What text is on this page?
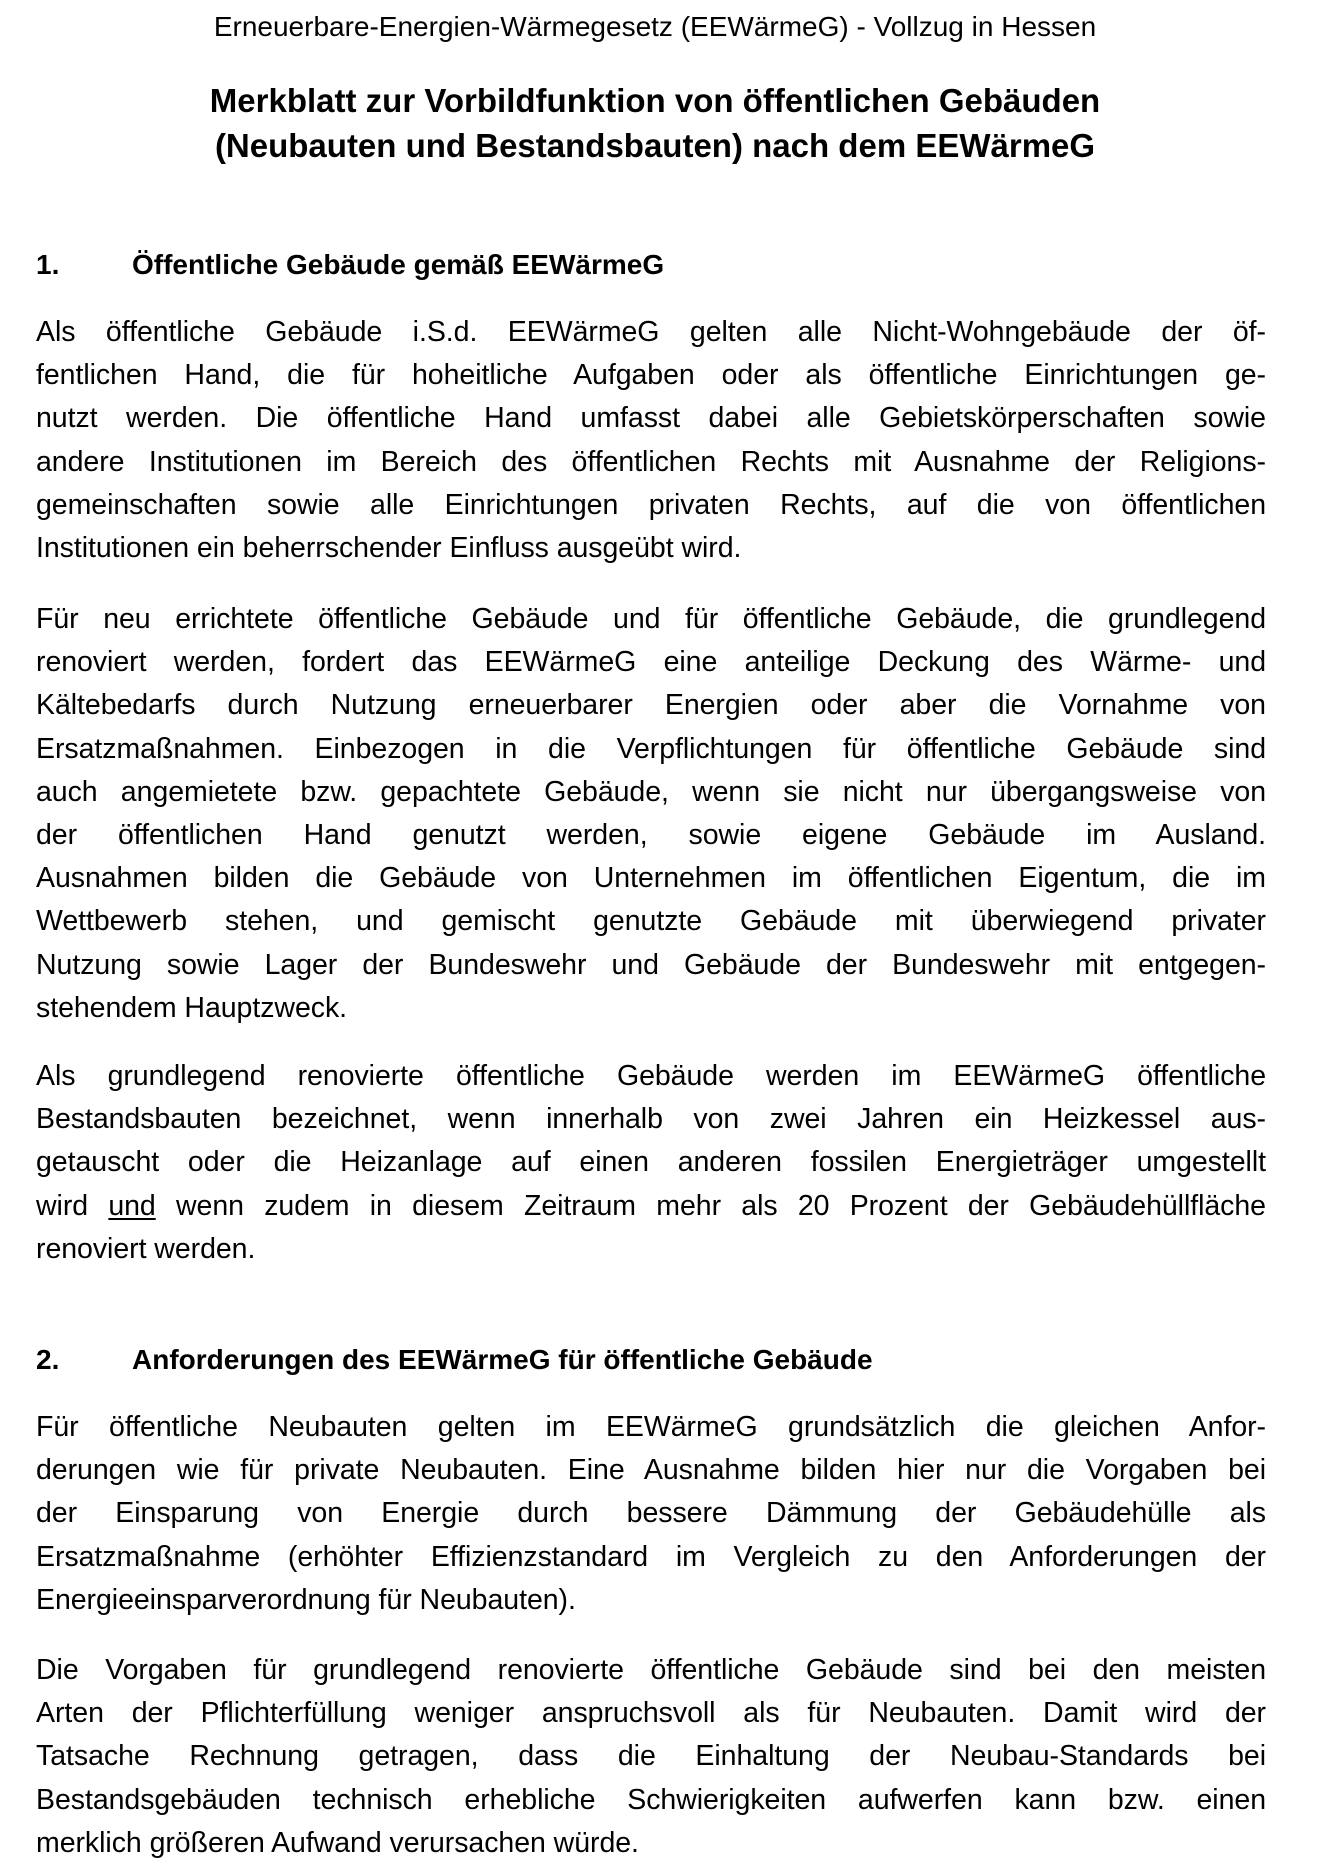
Erneuerbare-Energien-Wärmegesetz (EEWärmeG) - Vollzug in Hessen
Merkblatt zur Vorbildfunktion von öffentlichen Gebäuden
(Neubauten und Bestandsbauten) nach dem EEWärmeG
1.	Öffentliche Gebäude gemäß EEWärmeG
Als öffentliche Gebäude i.S.d. EEWärmeG gelten alle Nicht-Wohngebäude der öf-
fentlichen Hand, die für hoheitliche Aufgaben oder als öffentliche Einrichtungen ge-
nutzt werden. Die öffentliche Hand umfasst dabei alle Gebietskörperschaften sowie
andere Institutionen im Bereich des öffentlichen Rechts mit Ausnahme der Religions-
gemeinschaften sowie alle Einrichtungen privaten Rechts, auf die von öffentlichen
Institutionen ein beherrschender Einfluss ausgeübt wird.
Für neu errichtete öffentliche Gebäude und für öffentliche Gebäude, die grundlegend
renoviert werden, fordert das EEWärmeG eine anteilige Deckung des Wärme- und
Kältebedarfs durch Nutzung erneuerbarer Energien oder aber die Vornahme von
Ersatzmaßnahmen. Einbezogen in die Verpflichtungen für öffentliche Gebäude sind
auch angemietete bzw. gepachtete Gebäude, wenn sie nicht nur übergangsweise von
der öffentlichen Hand genutzt werden, sowie eigene Gebäude im Ausland.
Ausnahmen bilden die Gebäude von Unternehmen im öffentlichen Eigentum, die im
Wettbewerb stehen, und gemischt genutzte Gebäude mit überwiegend privater
Nutzung sowie Lager der Bundeswehr und Gebäude der Bundeswehr mit entgegen-
stehendem Hauptzweck.
Als grundlegend renovierte öffentliche Gebäude werden im EEWärmeG öffentliche
Bestandsbauten bezeichnet, wenn innerhalb von zwei Jahren ein Heizkessel aus-
getauscht oder die Heizanlage auf einen anderen fossilen Energieträger umgestellt
wird und wenn zudem in diesem Zeitraum mehr als 20 Prozent der Gebäudehüllfläche
renoviert werden.
2.	Anforderungen des EEWärmeG für öffentliche Gebäude
Für öffentliche Neubauten gelten im EEWärmeG grundsätzlich die gleichen Anfor-
derungen wie für private Neubauten. Eine Ausnahme bilden hier nur die Vorgaben bei
der Einsparung von Energie durch bessere Dämmung der Gebäudehülle als
Ersatzmaßnahme (erhöhter Effizienzstandard im Vergleich zu den Anforderungen der
Energieeinsparverordnung für Neubauten).
Die Vorgaben für grundlegend renovierte öffentliche Gebäude sind bei den meisten
Arten der Pflichterfüllung weniger anspruchsvoll als für Neubauten. Damit wird der
Tatsache Rechnung getragen, dass die Einhaltung der Neubau-Standards bei
Bestandsgebäuden technisch erhebliche Schwierigkeiten aufwerfen kann bzw. einen
merklich größeren Aufwand verursachen würde.
